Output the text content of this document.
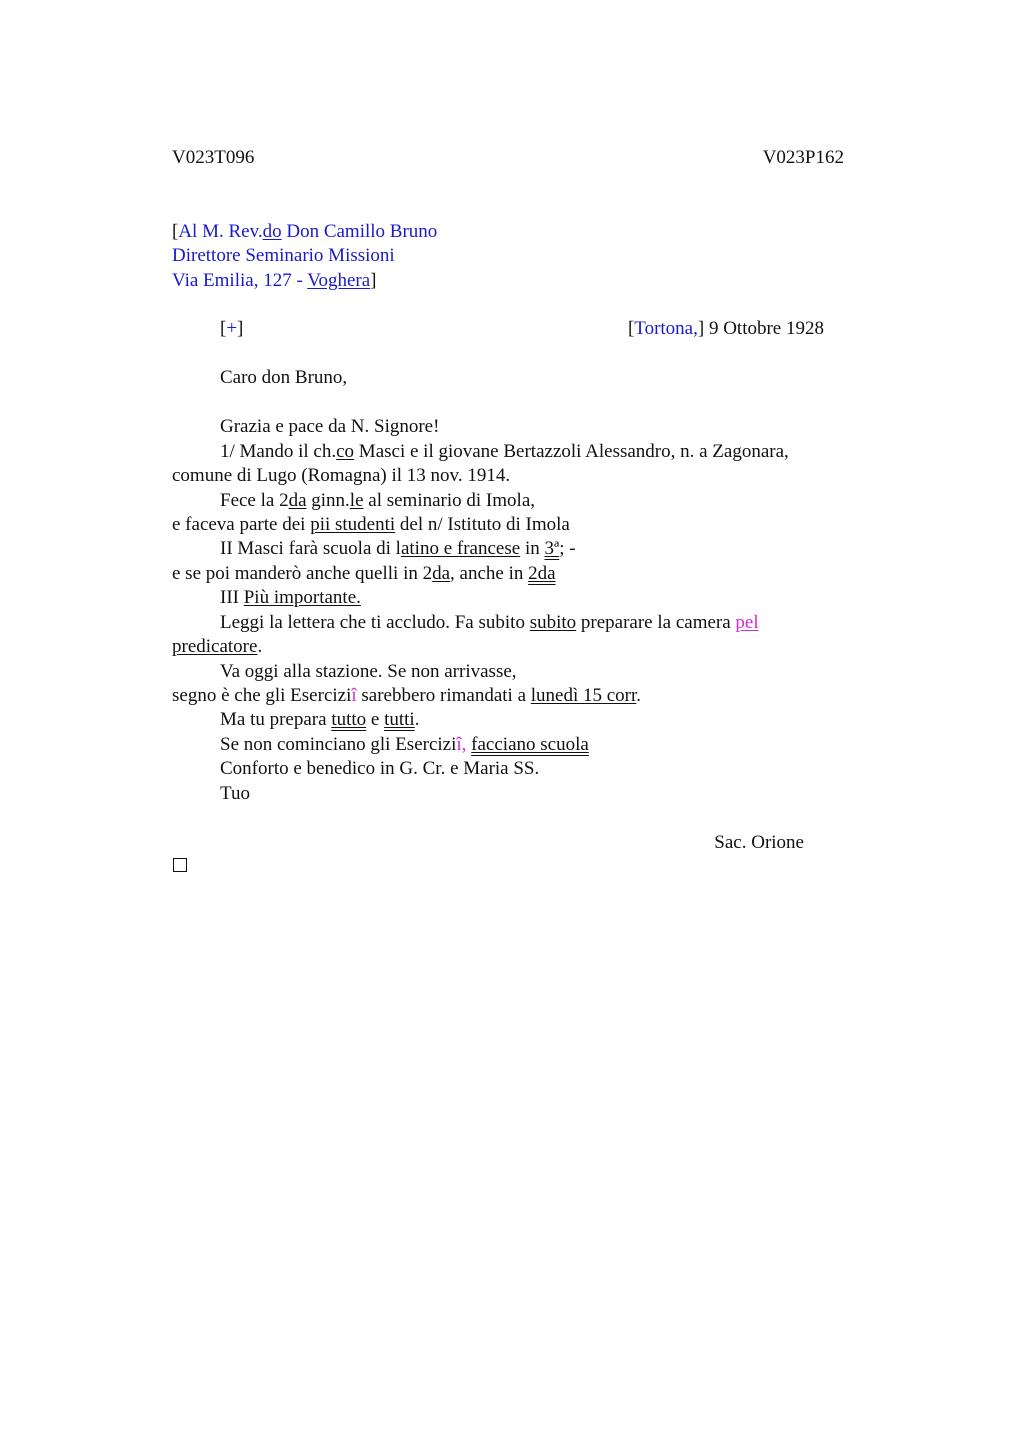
V023T096	V023P162
[Al M. Rev.do Don Camillo Bruno
Direttore Seminario Missioni
Via Emilia, 127 - Voghera]
[+]	[Tortona,] 9 Ottobre 1928
Caro don Bruno,
Grazia e pace da N. Signore!
1/ Mando il ch.co Masci e il giovane Bertazzoli Alessandro, n. a Zagonara,
comune di Lugo (Romagna) il 13 nov. 1914.
Fece la 2da ginn.le al seminario di Imola,
e faceva parte dei pii studenti del n/ Istituto di Imola
II Masci farà scuola di latino e francese in 3ª; -
e se poi manderò anche quelli in 2da, anche in 2da
III Più importante.
Leggi la lettera che ti accludo. Fa subito subito preparare la camera pel
predicatore.
Va oggi alla stazione. Se non arrivasse,
segno è che gli Eserciziî sarebbero rimandati a lunedì 15 corr.
Ma tu prepara tutto e tutti.
Se non cominciano gli Eserciziî, facciano scuola
Conforto e benedico in G. Cr. e Maria SS.
Tuo
Sac. Orione
